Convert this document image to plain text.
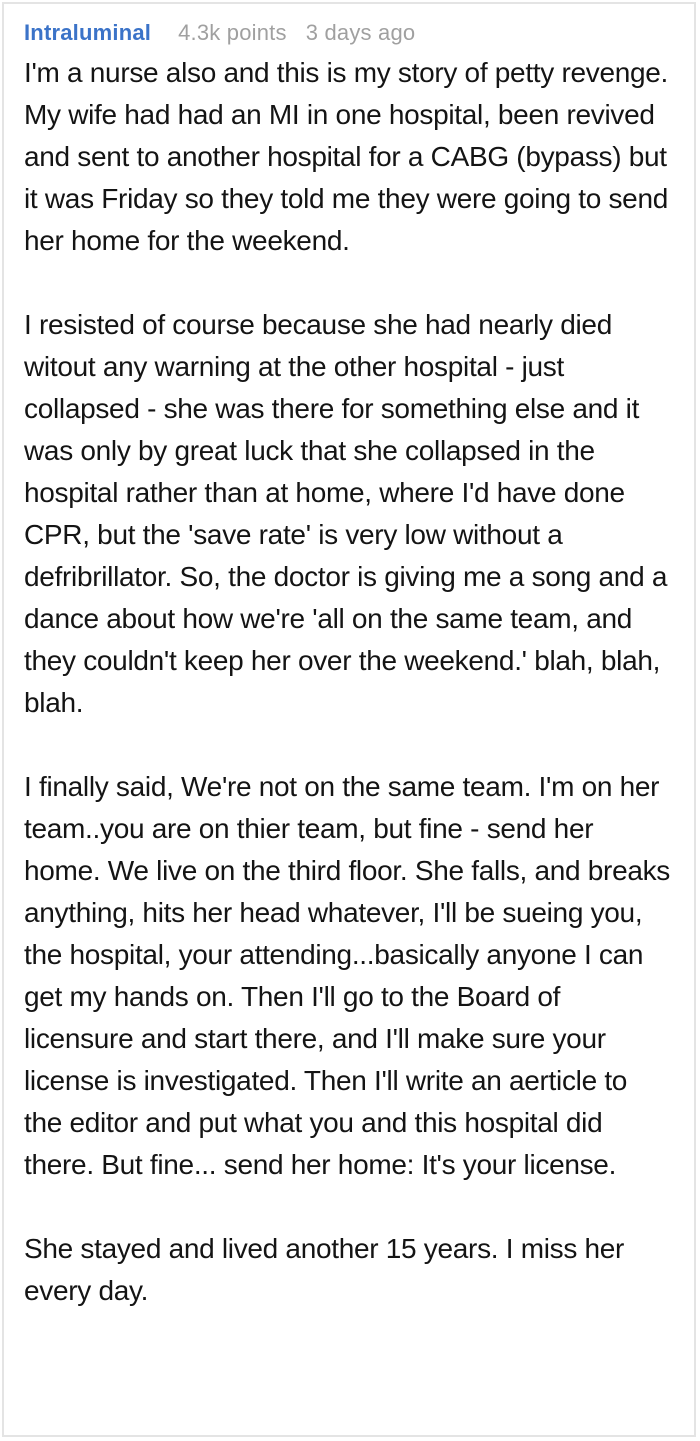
Intraluminal 4.3k points 3 days ago

I'm a nurse also and this is my story of petty revenge. My wife had had an MI in one hospital, been revived and sent to another hospital for a CABG (bypass) but it was Friday so they told me they were going to send her home for the weekend.

I resisted of course because she had nearly died witout any warning at the other hospital - just collapsed - she was there for something else and it was only by great luck that she collapsed in the hospital rather than at home, where I'd have done CPR, but the 'save rate' is very low without a defribrillator. So, the doctor is giving me a song and a dance about how we're 'all on the same team, and they couldn't keep her over the weekend.' blah, blah, blah.

I finally said, We're not on the same team. I'm on her team..you are on thier team, but fine - send her home. We live on the third floor. She falls, and breaks anything, hits her head whatever, I'll be sueing you, the hospital, your attending...basically anyone I can get my hands on. Then I'll go to the Board of licensure and start there, and I'll make sure your license is investigated. Then I'll write an aerticle to the editor and put what you and this hospital did there. But fine... send her home: It's your license.

She stayed and lived another 15 years. I miss her every day.
